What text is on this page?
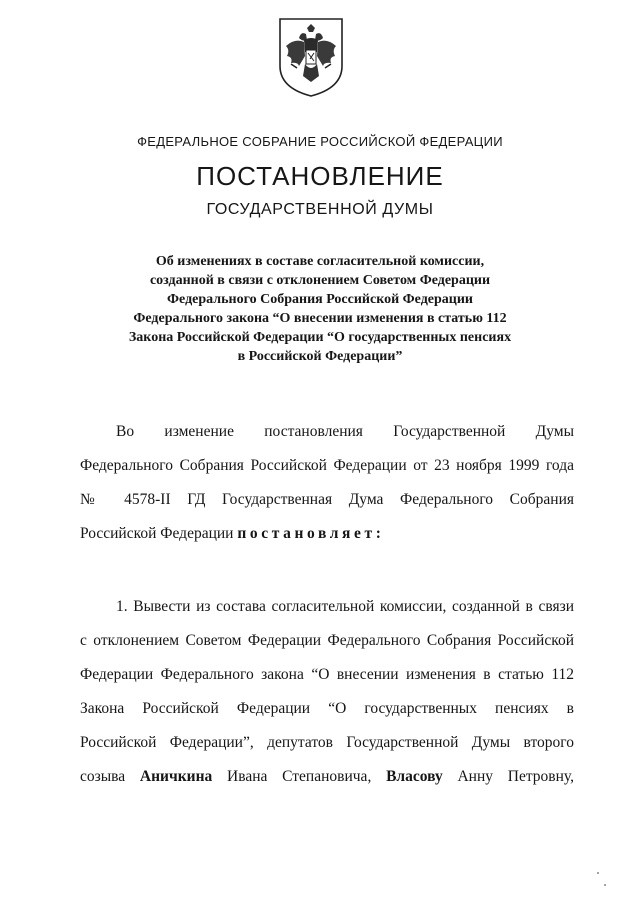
ФЕДЕРАЛЬНОЕ СОБРАНИЕ РОССИЙСКОЙ ФЕДЕРАЦИИ
ПОСТАНОВЛЕНИЕ
ГОСУДАРСТВЕННОЙ ДУМЫ
Об изменениях в составе согласительной комиссии,
созданной в связи с отклонением Советом Федерации
Федерального Собрания Российской Федерации
Федерального закона “О внесении изменения в статью 112
Закона Российской Федерации “О государственных пенсиях
в Российской Федерации”
Во изменение постановления Государственной Думы
Федерального Собрания Российской Федерации от 23 ноября 1999 года
№ 4578-II ГД Государственная Дума Федерального Собрания
Российской Федерации постановляет:
1. Вывести из состава согласительной комиссии, созданной в связи
с отклонением Советом Федерации Федерального Собрания Российской
Федерации Федерального закона “О внесении изменения в статью 112
Закона Российской Федерации “О государственных пенсиях в
Российской Федерации”, депутатов Государственной Думы второго
созыва Аничкина Ивана Степановича, Власову Анну Петровну,
